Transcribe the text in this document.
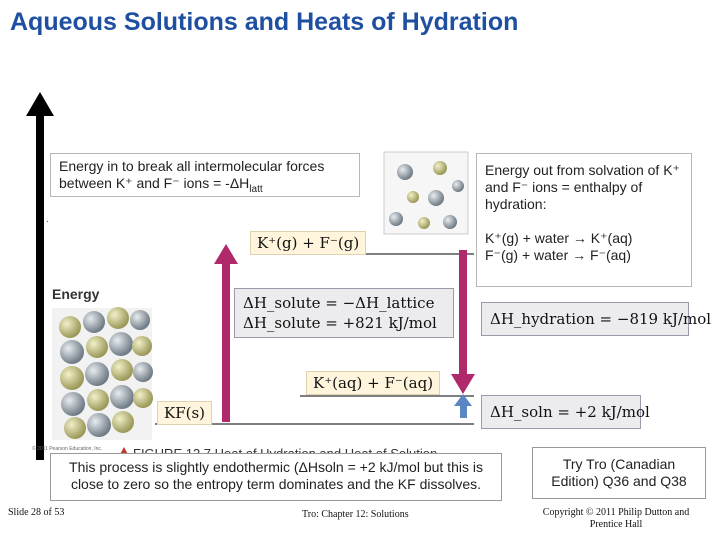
Aqueous Solutions and Heats of Hydration
.
Energy
K⁺(g) + F⁻(g)
K⁺(aq) + F⁻(aq)
KF(s)
ΔH_solute = −ΔH_lattice
ΔH_solute = +821 kJ/mol	ΔH_hydration = −819 kJ/mol
ΔH_soln = +2 kJ/mol
© 2011 Pearson Education, Inc.
Energy in to break all intermolecular forces between K⁺ and F⁻ ions = $-\Delta H_{latt}$
Energy out from solvation of K⁺ and F⁻ ions = enthalpy of hydration:
K⁺(g) + water → K⁺(aq)
F⁻(g) + water → F⁻(aq)
This process is slightly endothermic (ΔHsoln = +2 kJ/mol but this is close to zero so the entropy term dominates and the KF dissolves.
Try Tro (Canadian Edition) Q36 and Q38
Slide 28 of 53	Tro: Chapter 12: Solutions	Copyright © 2011 Philip Dutton and Prentice Hall
